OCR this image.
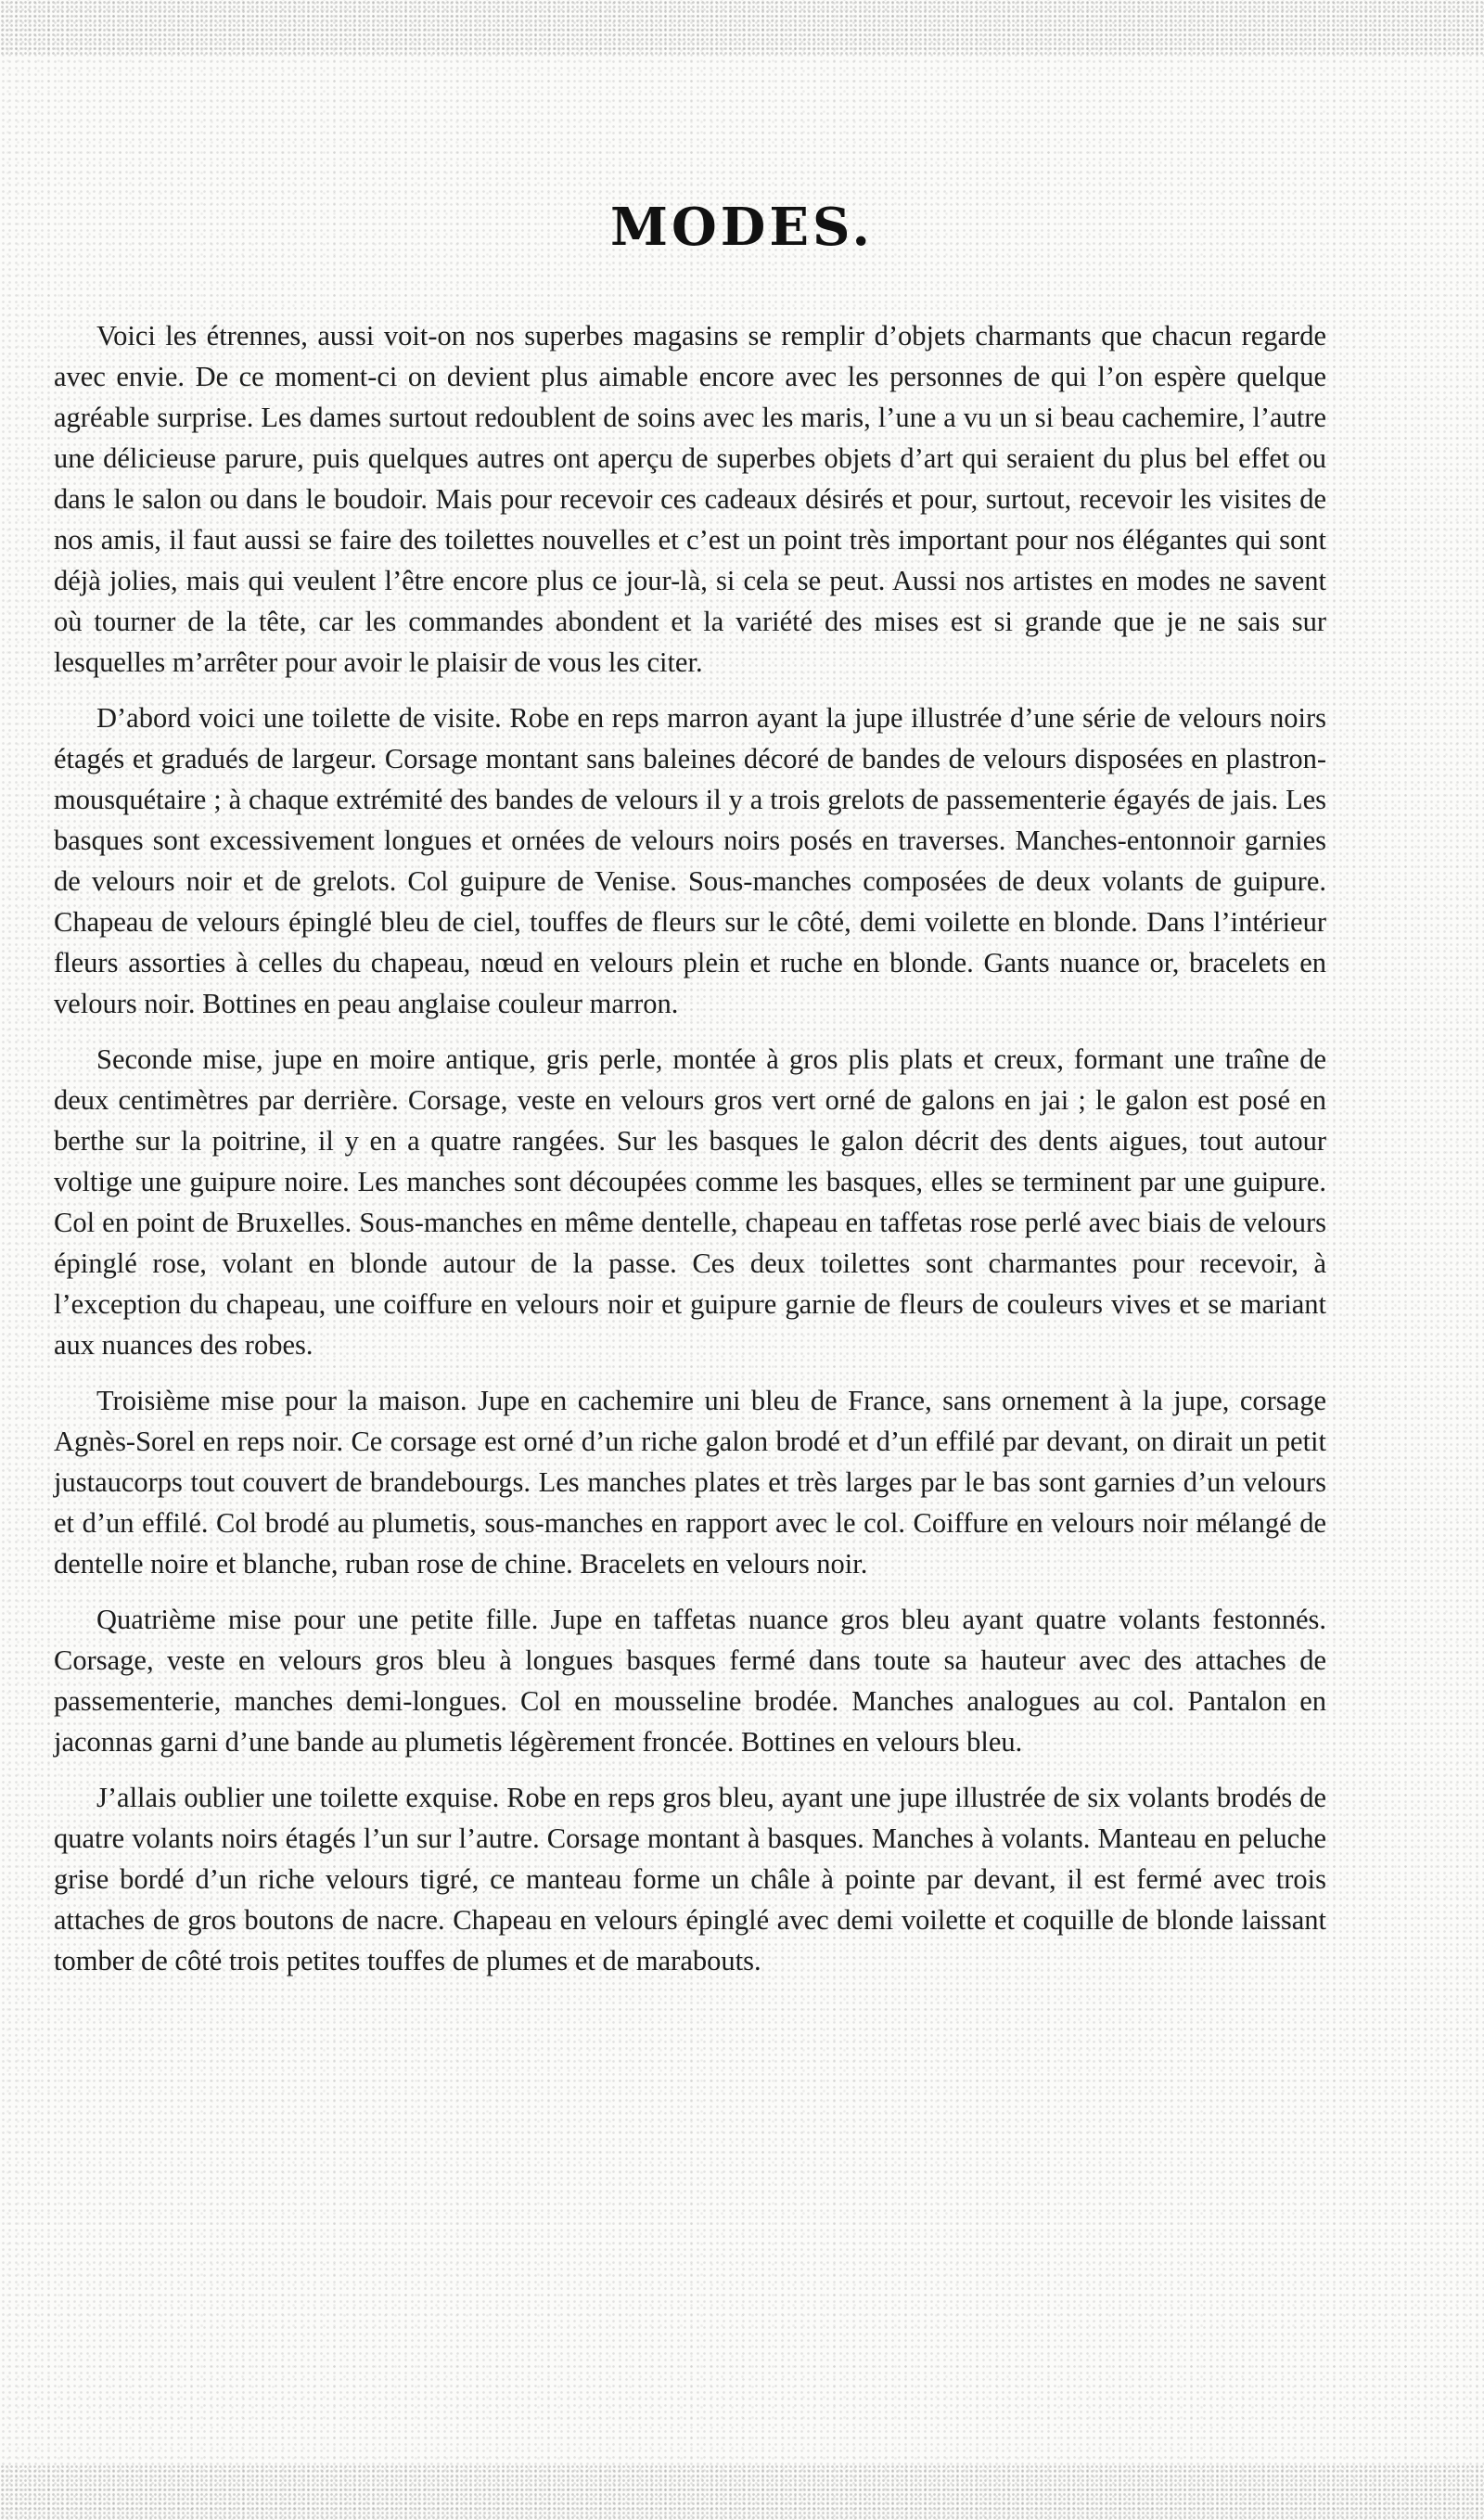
MODES.

Voici les étrennes, aussi voit-on nos superbes magasins se remplir d’objets charmants que chacun regarde avec envie. De ce moment-ci on devient plus aimable encore avec les personnes de qui l’on espère quelque agréable surprise. Les dames surtout redoublent de soins avec les maris, l’une a vu un si beau cachemire, l’autre une délicieuse parure, puis quelques autres ont aperçu de superbes objets d’art qui seraient du plus bel effet ou dans le salon ou dans le boudoir. Mais pour recevoir ces cadeaux désirés et pour, surtout, recevoir les visites de nos amis, il faut aussi se faire des toilettes nouvelles et c’est un point très important pour nos élégantes qui sont déjà jolies, mais qui veulent l’être encore plus ce jour-là, si cela se peut. Aussi nos artistes en modes ne savent où tourner de la tête, car les commandes abondent et la variété des mises est si grande que je ne sais sur lesquelles m’arrêter pour avoir le plaisir de vous les citer.

D’abord voici une toilette de visite. Robe en reps marron ayant la jupe illustrée d’une série de velours noirs étagés et gradués de largeur. Corsage montant sans baleines décoré de bandes de velours disposées en plastron-mousquétaire ; à chaque extrémité des bandes de velours il y a trois grelots de passementerie égayés de jais. Les basques sont excessivement longues et ornées de velours noirs posés en traverses. Manches-entonnoir garnies de velours noir et de grelots. Col guipure de Venise. Sous-manches composées de deux volants de guipure. Chapeau de velours épinglé bleu de ciel, touffes de fleurs sur le côté, demi voilette en blonde. Dans l’intérieur fleurs assorties à celles du chapeau, nœud en velours plein et ruche en blonde. Gants nuance or, bracelets en velours noir. Bottines en peau anglaise couleur marron.

Seconde mise, jupe en moire antique, gris perle, montée à gros plis plats et creux, formant une traîne de deux centimètres par derrière. Corsage, veste en velours gros vert orné de galons en jai ; le galon est posé en berthe sur la poitrine, il y en a quatre rangées. Sur les basques le galon décrit des dents aigues, tout autour voltige une guipure noire. Les manches sont découpées comme les basques, elles se terminent par une guipure. Col en point de Bruxelles. Sous-manches en même dentelle, chapeau en taffetas rose perlé avec biais de velours épinglé rose, volant en blonde autour de la passe. Ces deux toilettes sont charmantes pour recevoir, à l’exception du chapeau, une coiffure en velours noir et guipure garnie de fleurs de couleurs vives et se mariant aux nuances des robes.

Troisième mise pour la maison. Jupe en cachemire uni bleu de France, sans ornement à la jupe, corsage Agnès-Sorel en reps noir. Ce corsage est orné d’un riche galon brodé et d’un effilé par devant, on dirait un petit justaucorps tout couvert de brandebourgs. Les manches plates et très larges par le bas sont garnies d’un velours et d’un effilé. Col brodé au plumetis, sous-manches en rapport avec le col. Coiffure en velours noir mélangé de dentelle noire et blanche, ruban rose de chine. Bracelets en velours noir.

Quatrième mise pour une petite fille. Jupe en taffetas nuance gros bleu ayant quatre volants festonnés. Corsage, veste en velours gros bleu à longues basques fermé dans toute sa hauteur avec des attaches de passementerie, manches demi-longues. Col en mousseline brodée. Manches analogues au col. Pantalon en jaconnas garni d’une bande au plumetis légèrement froncée. Bottines en velours bleu.

J’allais oublier une toilette exquise. Robe en reps gros bleu, ayant une jupe illustrée de six volants brodés de quatre volants noirs étagés l’un sur l’autre. Corsage montant à basques. Manches à volants. Manteau en peluche grise bordé d’un riche velours tigré, ce manteau forme un châle à pointe par devant, il est fermé avec trois attaches de gros boutons de nacre. Chapeau en velours épinglé avec demi voilette et coquille de blonde laissant tomber de côté trois petites touffes de plumes et de marabouts.
